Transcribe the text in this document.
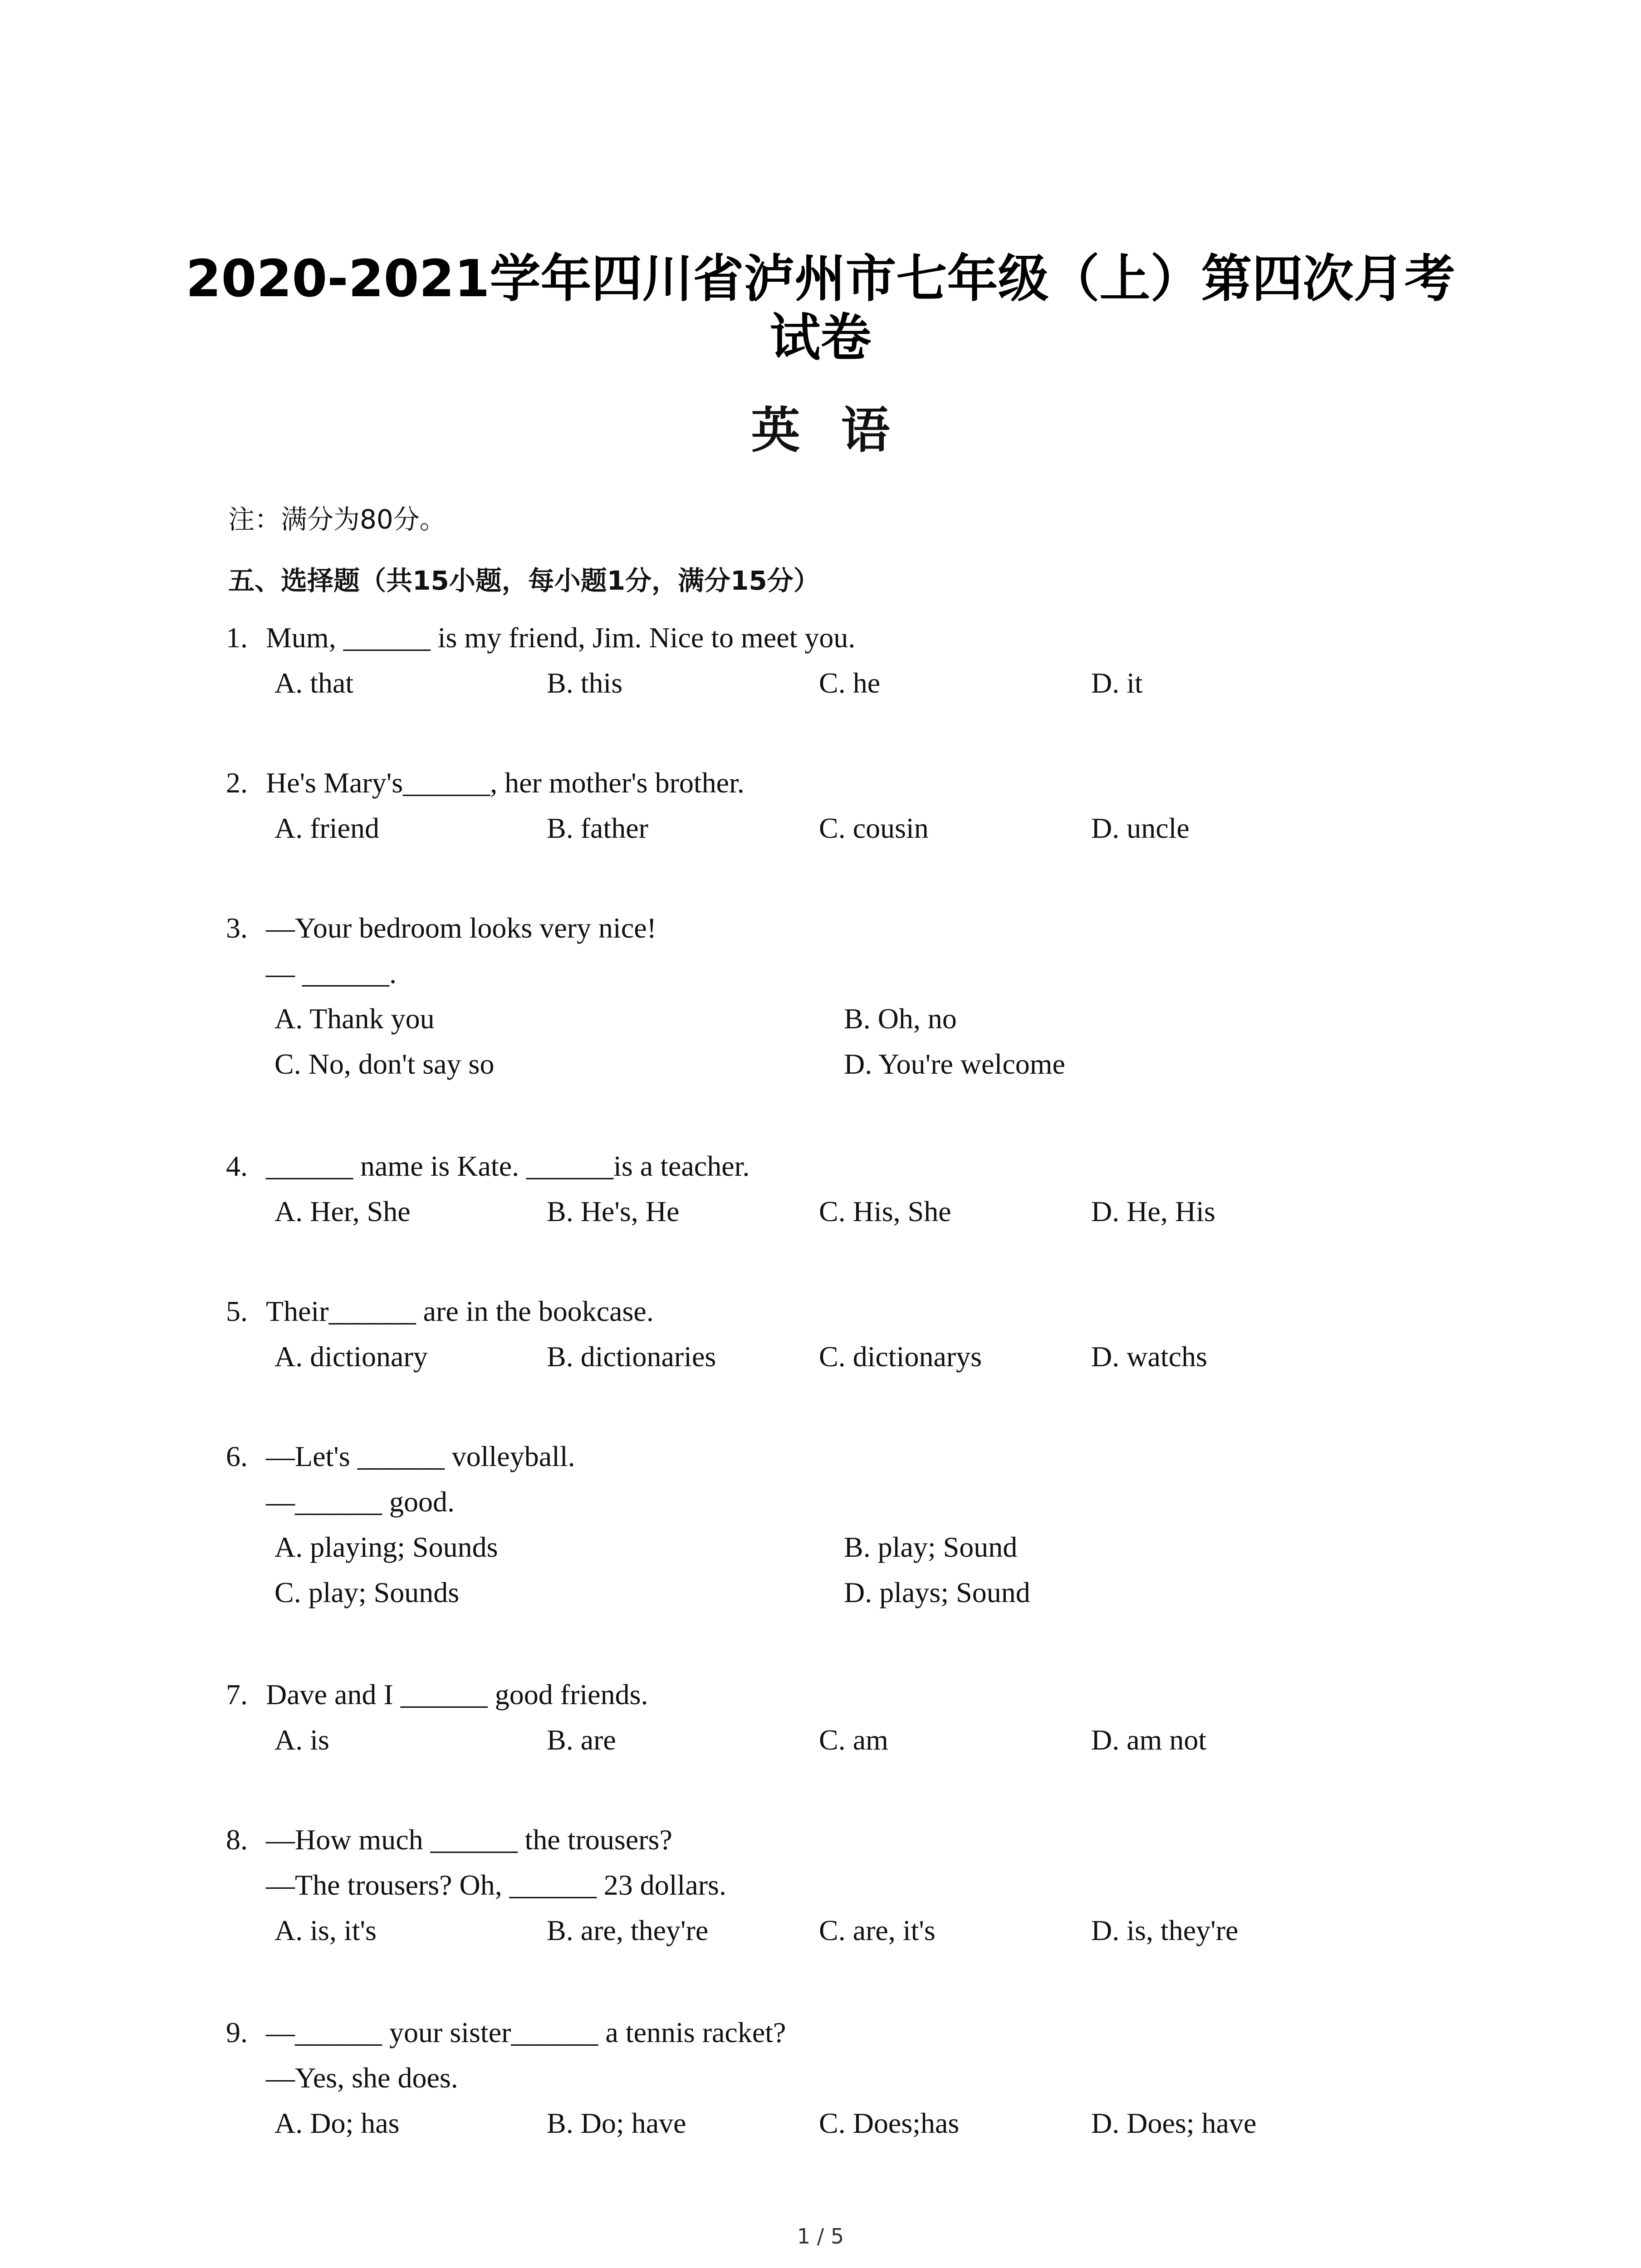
2020-2021学年四川省泸州市七年级（上）第四次月考
试卷
英语
注：满分为80分。
五、选择题（共15小题，每小题1分，满分15分）
1. Mum, ______ is my friend, Jim. Nice to meet you.
A. that	B. this	C. he	D. it
2. He's Mary's______, her mother's brother.
A. friend	B. father	C. cousin	D. uncle
3. —Your bedroom looks very nice!
— ______.
A. Thank you	B. Oh, no
C. No, don't say so	D. You're welcome
4. ______ name is Kate. ______is a teacher.
A. Her, She	B. He's, He	C. His, She	D. He, His
5. Their______ are in the bookcase.
A. dictionary	B. dictionaries	C. dictionarys	D. watchs
6. —Let's ______ volleyball.
—______ good.
A. playing; Sounds	B. play; Sound
C. play; Sounds	D. plays; Sound
7. Dave and I ______ good friends.
A. is	B. are	C. am	D. am not
8. —How much ______ the trousers?
—The trousers? Oh, ______ 23 dollars.
A. is, it's	B. are, they're	C. are, it's	D. is, they're
9. —______ your sister______ a tennis racket?
—Yes, she does.
A. Do; has	B. Do; have	C. Does;has	D. Does; have
1 / 5
